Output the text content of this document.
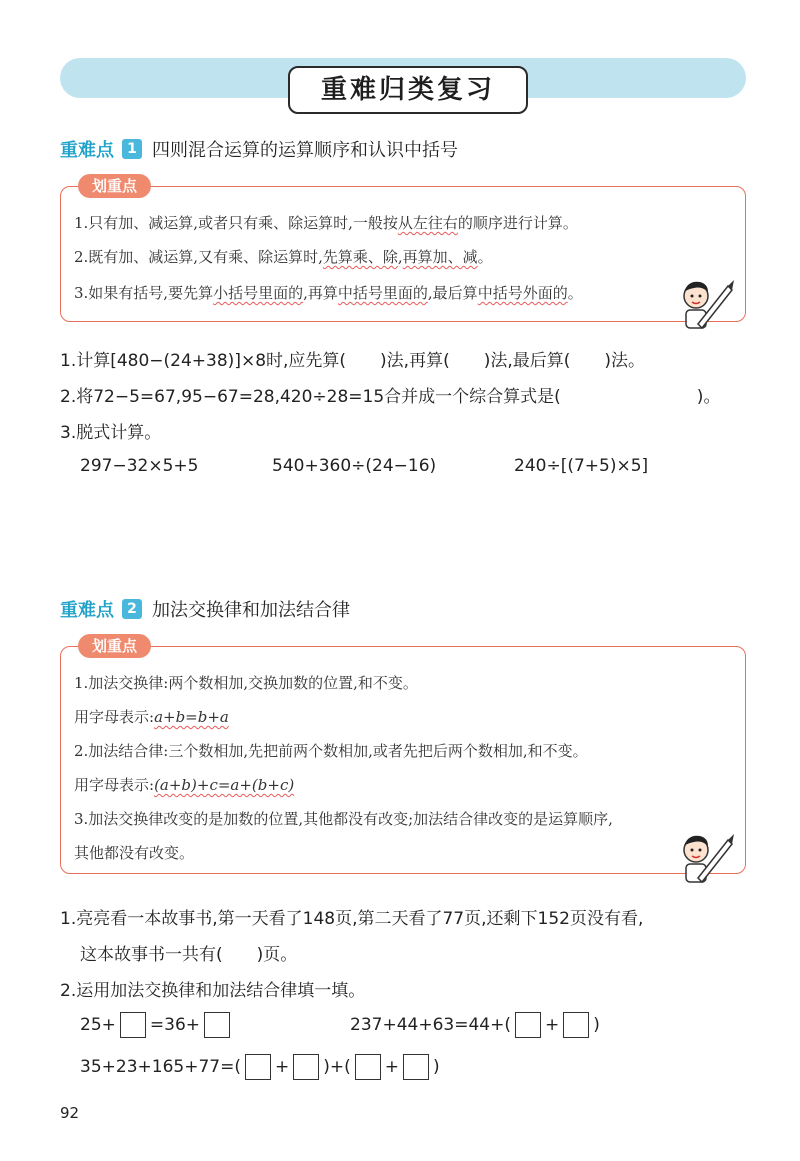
重难归类复习
重难点 1 四则混合运算的运算顺序和认识中括号
划重点
1.只有加、减运算,或者只有乘、除运算时,一般按从左往右的顺序进行计算。
2.既有加、减运算,又有乘、除运算时,先算乘、除,再算加、减。
3.如果有括号,要先算小括号里面的,再算中括号里面的,最后算中括号外面的。
1.计算[480−(24+38)]×8时,应先算(　　)法,再算(　　)法,最后算(　　)法。
2.将72−5=67,95−67=28,420÷28=15合并成一个综合算式是(　　　　　　　　)。
3.脱式计算。
297−32×5+5	540+360÷(24−16)	240÷[(7+5)×5]
重难点 2 加法交换律和加法结合律
划重点
1.加法交换律:两个数相加,交换加数的位置,和不变。
用字母表示:a+b=b+a
2.加法结合律:三个数相加,先把前两个数相加,或者先把后两个数相加,和不变。
用字母表示:(a+b)+c=a+(b+c)
3.加法交换律改变的是加数的位置,其他都没有改变;加法结合律改变的是运算顺序,
其他都没有改变。
1.亮亮看一本故事书,第一天看了148页,第二天看了77页,还剩下152页没有看,
这本故事书一共有(　　)页。
2.运用加法交换律和加法结合律填一填。
25+ =36+	237+44+63=44+( + )
35+23+165+77=( + )+( + )
92
